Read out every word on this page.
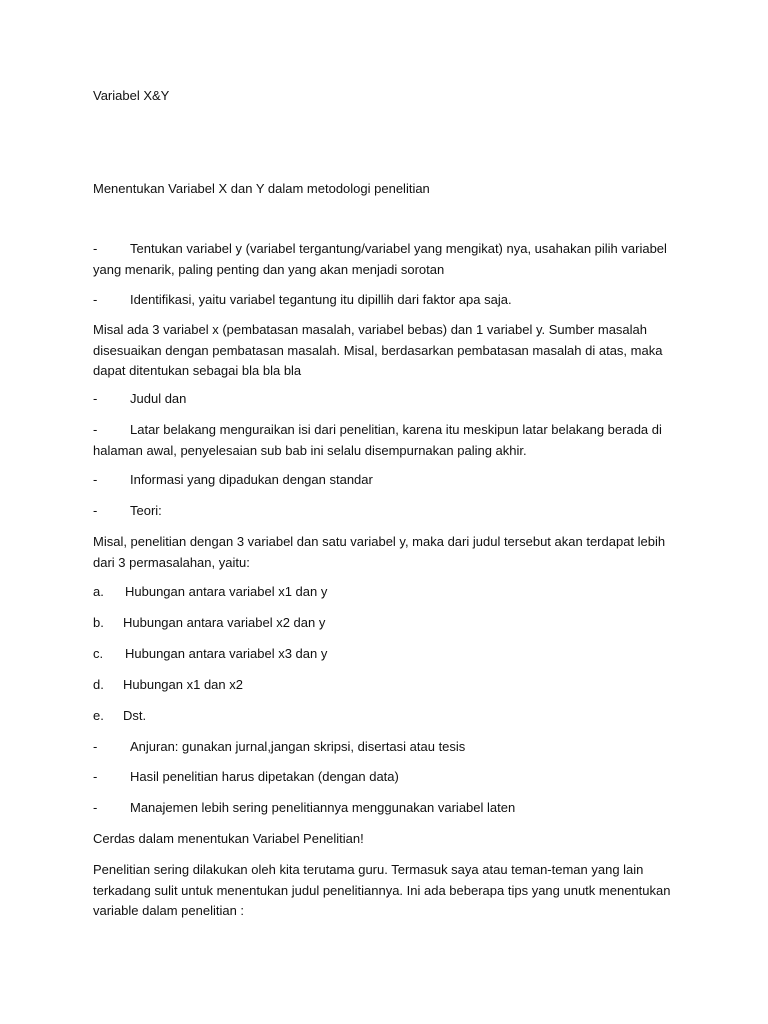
Variabel X&Y

Menentukan Variabel X dan Y dalam metodologi penelitian

Tentukan variabel y (variabel tergantung/variabel yang mengikat) nya, usahakan pilih variabel yang menarik, paling penting dan yang akan menjadi sorotan
-
-	Identifikasi, yaitu variabel tegantung itu dipillih dari faktor apa saja.

Misal ada 3 variabel x (pembatasan masalah, variabel bebas) dan 1 variabel y. Sumber masalah disesuaikan dengan pembatasan masalah. Misal, berdasarkan pembatasan masalah di atas, maka dapat ditentukan sebagai bla bla bla

-	Judul dan
Latar belakang menguraikan isi dari penelitian, karena itu meskipun latar belakang berada di halaman awal, penyelesaian sub bab ini selalu disempurnakan paling akhir.
-
-	Informasi yang dipadukan dengan standar
-	Teori:

Misal, penelitian dengan 3 variabel dan satu variabel y, maka dari judul tersebut akan terdapat lebih dari 3 permasalahan, yaitu:

a. Hubungan antara variabel x1 dan y
b. Hubungan antara variabel x2 dan y
c. Hubungan antara variabel x3 dan y
d. Hubungan x1 dan x2
e. Dst.
-	Anjuran: gunakan jurnal,jangan skripsi, disertasi atau tesis
-	Hasil penelitian harus dipetakan (dengan data)
-	Manajemen lebih sering penelitiannya menggunakan variabel laten

Cerdas dalam menentukan Variabel Penelitian!

Penelitian sering dilakukan oleh kita terutama guru. Termasuk saya atau teman-teman yang lain terkadang sulit untuk menentukan judul penelitiannya. Ini ada beberapa tips yang unutk menentukan variable dalam penelitian :
